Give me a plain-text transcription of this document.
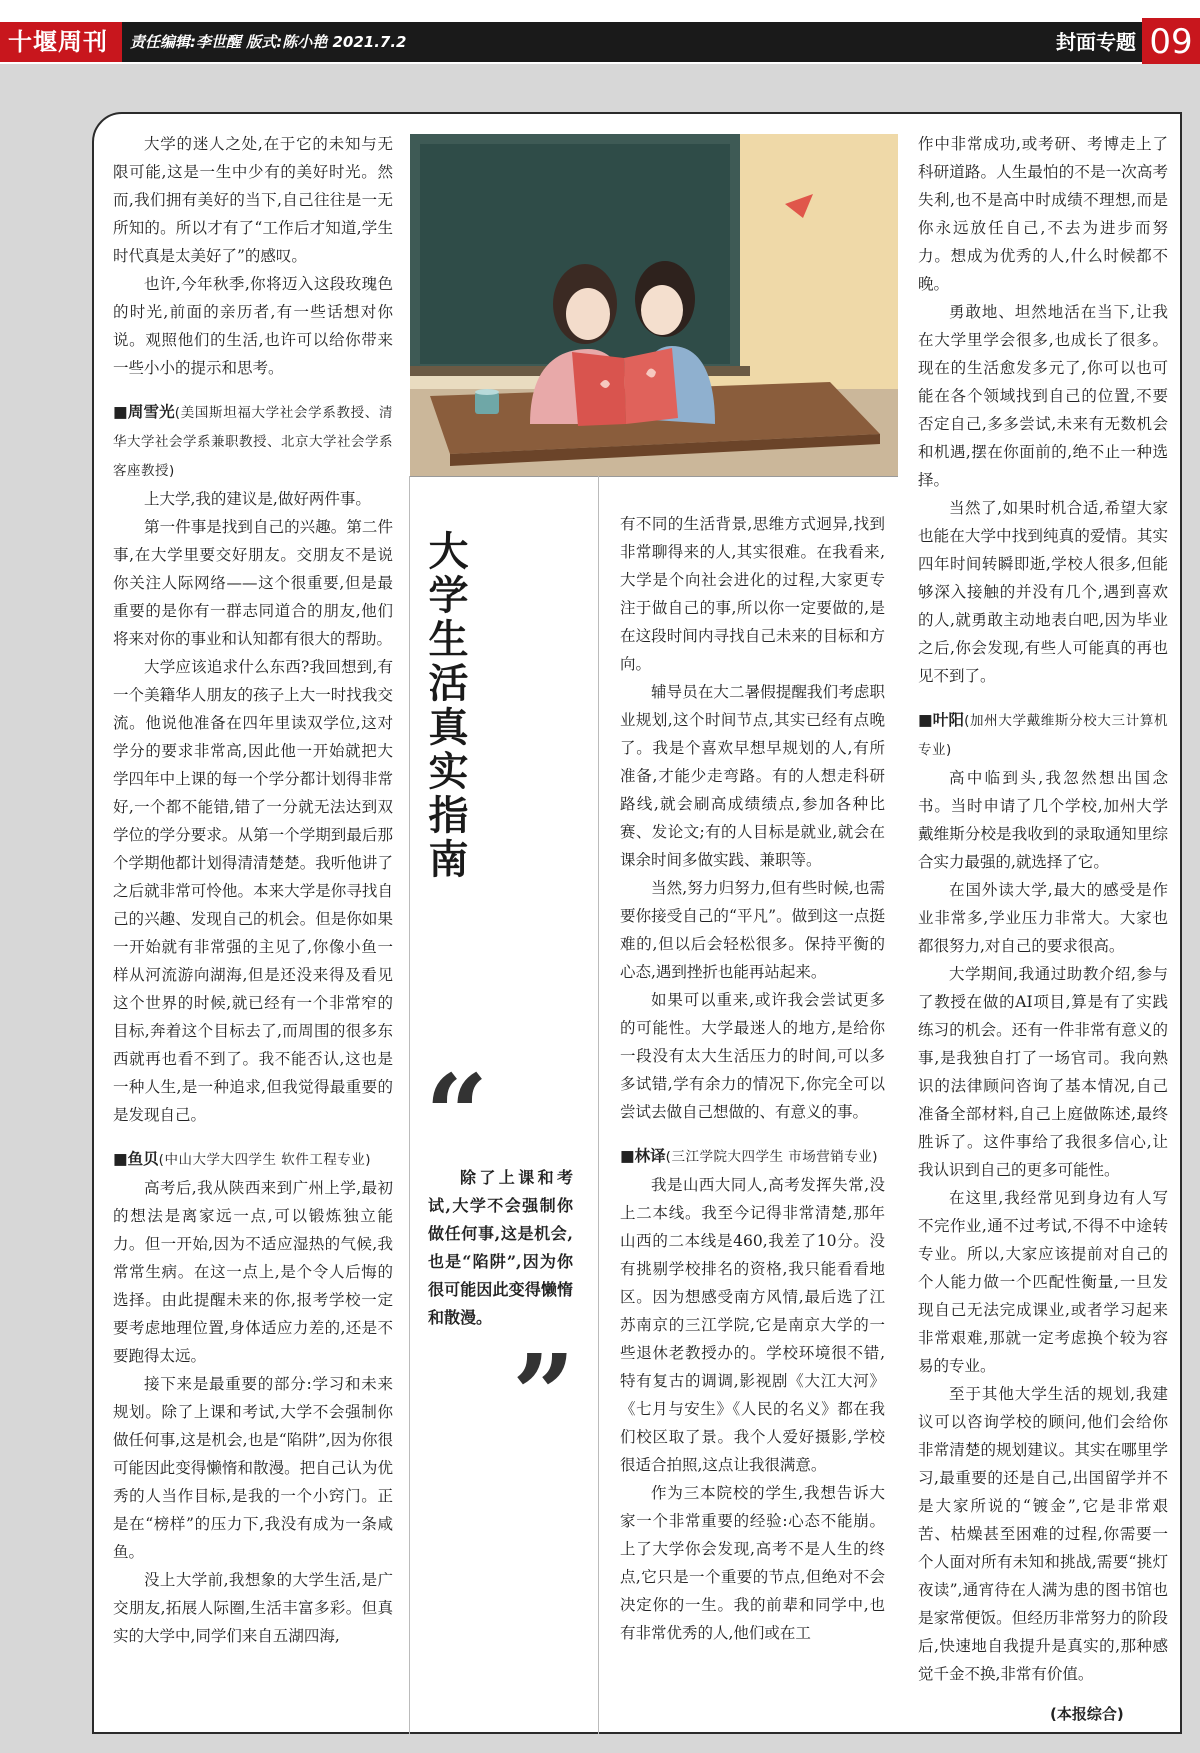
十堰周刊	责任编辑:李世醒 版式:陈小艳 2021.7.2	封面专题 09

大学的迷人之处,在于它的未知与无限可能,这是一生中少有的美好时光。然而,我们拥有美好的当下,自己往往是一无所知的。所以才有了“工作后才知道,学生时代真是太美好了”的感叹。

也许,今年秋季,你将迈入这段玫瑰色的时光,前面的亲历者,有一些话想对你说。观照他们的生活,也许可以给你带来一些小小的提示和思考。

■周雪光(美国斯坦福大学社会学系教授、清华大学社会学系兼职教授、北京大学社会学系客座教授)

上大学,我的建议是,做好两件事。

第一件事是找到自己的兴趣。第二件事,在大学里要交好朋友。交朋友不是说你关注人际网络——这个很重要,但是最重要的是你有一群志同道合的朋友,他们将来对你的事业和认知都有很大的帮助。

大学应该追求什么东西?我回想到,有一个美籍华人朋友的孩子上大一时找我交流。他说他准备在四年里读双学位,这对学分的要求非常高,因此他一开始就把大学四年中上课的每一个学分都计划得非常好,一个都不能错,错了一分就无法达到双学位的学分要求。从第一个学期到最后那个学期他都计划得清清楚楚。我听他讲了之后就非常可怜他。本来大学是你寻找自己的兴趣、发现自己的机会。但是你如果一开始就有非常强的主见了,你像小鱼一样从河流游向湖海,但是还没来得及看见这个世界的时候,就已经有一个非常窄的目标,奔着这个目标去了,而周围的很多东西就再也看不到了。我不能否认,这也是一种人生,是一种追求,但我觉得最重要的是发现自己。

■鱼贝(中山大学大四学生 软件工程专业)

高考后,我从陕西来到广州上学,最初的想法是离家远一点,可以锻炼独立能力。但一开始,因为不适应湿热的气候,我常常生病。在这一点上,是个令人后悔的选择。由此提醒未来的你,报考学校一定要考虑地理位置,身体适应力差的,还是不要跑得太远。

接下来是最重要的部分:学习和未来规划。除了上课和考试,大学不会强制你做任何事,这是机会,也是“陷阱”,因为你很可能因此变得懒惰和散漫。把自己认为优秀的人当作目标,是我的一个小窍门。正是在“榜样”的压力下,我没有成为一条咸鱼。

没上大学前,我想象的大学生活,是广交朋友,拓展人际圈,生活丰富多彩。但真实的大学中,同学们来自五湖四海,

大学生活真实指南
“
除了上课和考试,大学不会强制你做任何事,这是机会,也是“陷阱”,因为你很可能因此变得懒惰和散漫。
”

有不同的生活背景,思维方式迥异,找到非常聊得来的人,其实很难。在我看来,大学是个向社会进化的过程,大家更专注于做自己的事,所以你一定要做的,是在这段时间内寻找自己未来的目标和方向。

辅导员在大二暑假提醒我们考虑职业规划,这个时间节点,其实已经有点晚了。我是个喜欢早想早规划的人,有所准备,才能少走弯路。有的人想走科研路线,就会刷高成绩绩点,参加各种比赛、发论文;有的人目标是就业,就会在课余时间多做实践、兼职等。

当然,努力归努力,但有些时候,也需要你接受自己的“平凡”。做到这一点挺难的,但以后会轻松很多。保持平衡的心态,遇到挫折也能再站起来。

如果可以重来,或许我会尝试更多的可能性。大学最迷人的地方,是给你一段没有太大生活压力的时间,可以多多试错,学有余力的情况下,你完全可以尝试去做自己想做的、有意义的事。

■林译(三江学院大四学生 市场营销专业)

我是山西大同人,高考发挥失常,没上二本线。我至今记得非常清楚,那年山西的二本线是460,我差了10分。没有挑剔学校排名的资格,我只能看看地区。因为想感受南方风情,最后选了江苏南京的三江学院,它是南京大学的一些退休老教授办的。学校环境很不错,特有复古的调调,影视剧《大江大河》《七月与安生》《人民的名义》都在我们校区取了景。我个人爱好摄影,学校很适合拍照,这点让我很满意。

作为三本院校的学生,我想告诉大家一个非常重要的经验:心态不能崩。上了大学你会发现,高考不是人生的终点,它只是一个重要的节点,但绝对不会决定你的一生。我的前辈和同学中,也有非常优秀的人,他们或在工

作中非常成功,或考研、考博走上了科研道路。人生最怕的不是一次高考失利,也不是高中时成绩不理想,而是你永远放任自己,不去为进步而努力。想成为优秀的人,什么时候都不晚。

勇敢地、坦然地活在当下,让我在大学里学会很多,也成长了很多。现在的生活愈发多元了,你可以也可能在各个领域找到自己的位置,不要否定自己,多多尝试,未来有无数机会和机遇,摆在你面前的,绝不止一种选择。

当然了,如果时机合适,希望大家也能在大学中找到纯真的爱情。其实四年时间转瞬即逝,学校人很多,但能够深入接触的并没有几个,遇到喜欢的人,就勇敢主动地表白吧,因为毕业之后,你会发现,有些人可能真的再也见不到了。

■叶阳(加州大学戴维斯分校大三计算机专业)

高中临到头,我忽然想出国念书。当时申请了几个学校,加州大学戴维斯分校是我收到的录取通知里综合实力最强的,就选择了它。

在国外读大学,最大的感受是作业非常多,学业压力非常大。大家也都很努力,对自己的要求很高。

大学期间,我通过助教介绍,参与了教授在做的AI项目,算是有了实践练习的机会。还有一件非常有意义的事,是我独自打了一场官司。我向熟识的法律顾问咨询了基本情况,自己准备全部材料,自己上庭做陈述,最终胜诉了。这件事给了我很多信心,让我认识到自己的更多可能性。

在这里,我经常见到身边有人写不完作业,通不过考试,不得不中途转专业。所以,大家应该提前对自己的个人能力做一个匹配性衡量,一旦发现自己无法完成课业,或者学习起来非常艰难,那就一定考虑换个较为容易的专业。

至于其他大学生活的规划,我建议可以咨询学校的顾问,他们会给你非常清楚的规划建议。其实在哪里学习,最重要的还是自己,出国留学并不是大家所说的“镀金”,它是非常艰苦、枯燥甚至困难的过程,你需要一个人面对所有未知和挑战,需要“挑灯夜读”,通宵待在人满为患的图书馆也是家常便饭。但经历非常努力的阶段后,快速地自我提升是真实的,那种感觉千金不换,非常有价值。

(本报综合)
